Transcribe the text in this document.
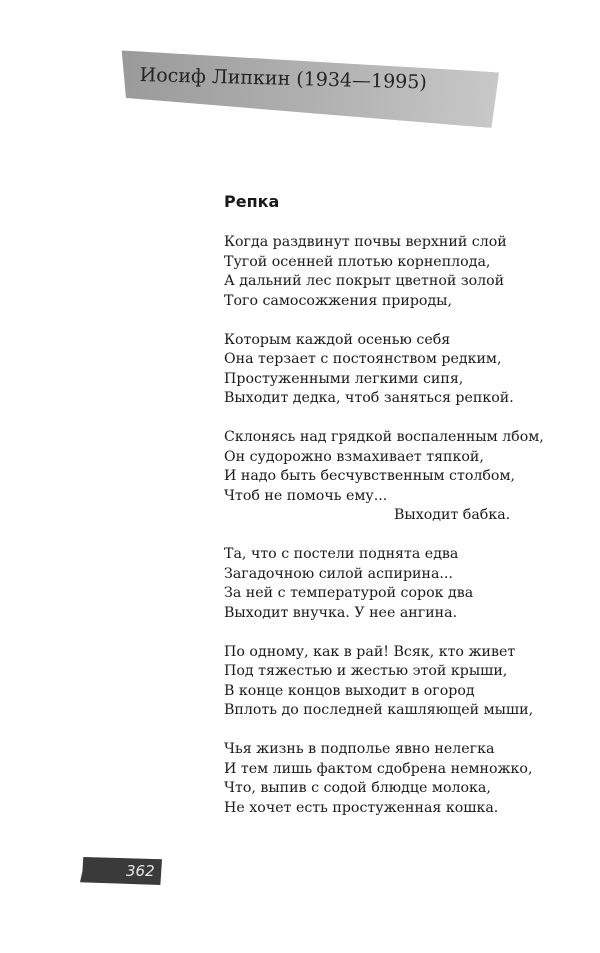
Иосиф Липкин (1934—1995)
Репка
Когда раздвинут почвы верхний слой
Тугой осенней плотью корнеплода,
А дальний лес покрыт цветной золой
Того самосожжения природы,
Которым каждой осенью себя
Она терзает с постоянством редким,
Простуженными легкими сипя,
Выходит дедка, чтоб заняться репкой.
Склонясь над грядкой воспаленным лбом,
Он судорожно взмахивает тяпкой,
И надо быть бесчувственным столбом,
Чтоб не помочь ему...
Выходит бабка.
Та, что с постели поднята едва
Загадочною силой аспирина...
За ней с температурой сорок два
Выходит внучка. У нее ангина.
По одному, как в рай! Всяк, кто живет
Под тяжестью и жестью этой крыши,
В конце концов выходит в огород
Вплоть до последней кашляющей мыши,
Чья жизнь в подполье явно нелегка
И тем лишь фактом сдобрена немножко,
Что, выпив с содой блюдце молока,
Не хочет есть простуженная кошка.
362
